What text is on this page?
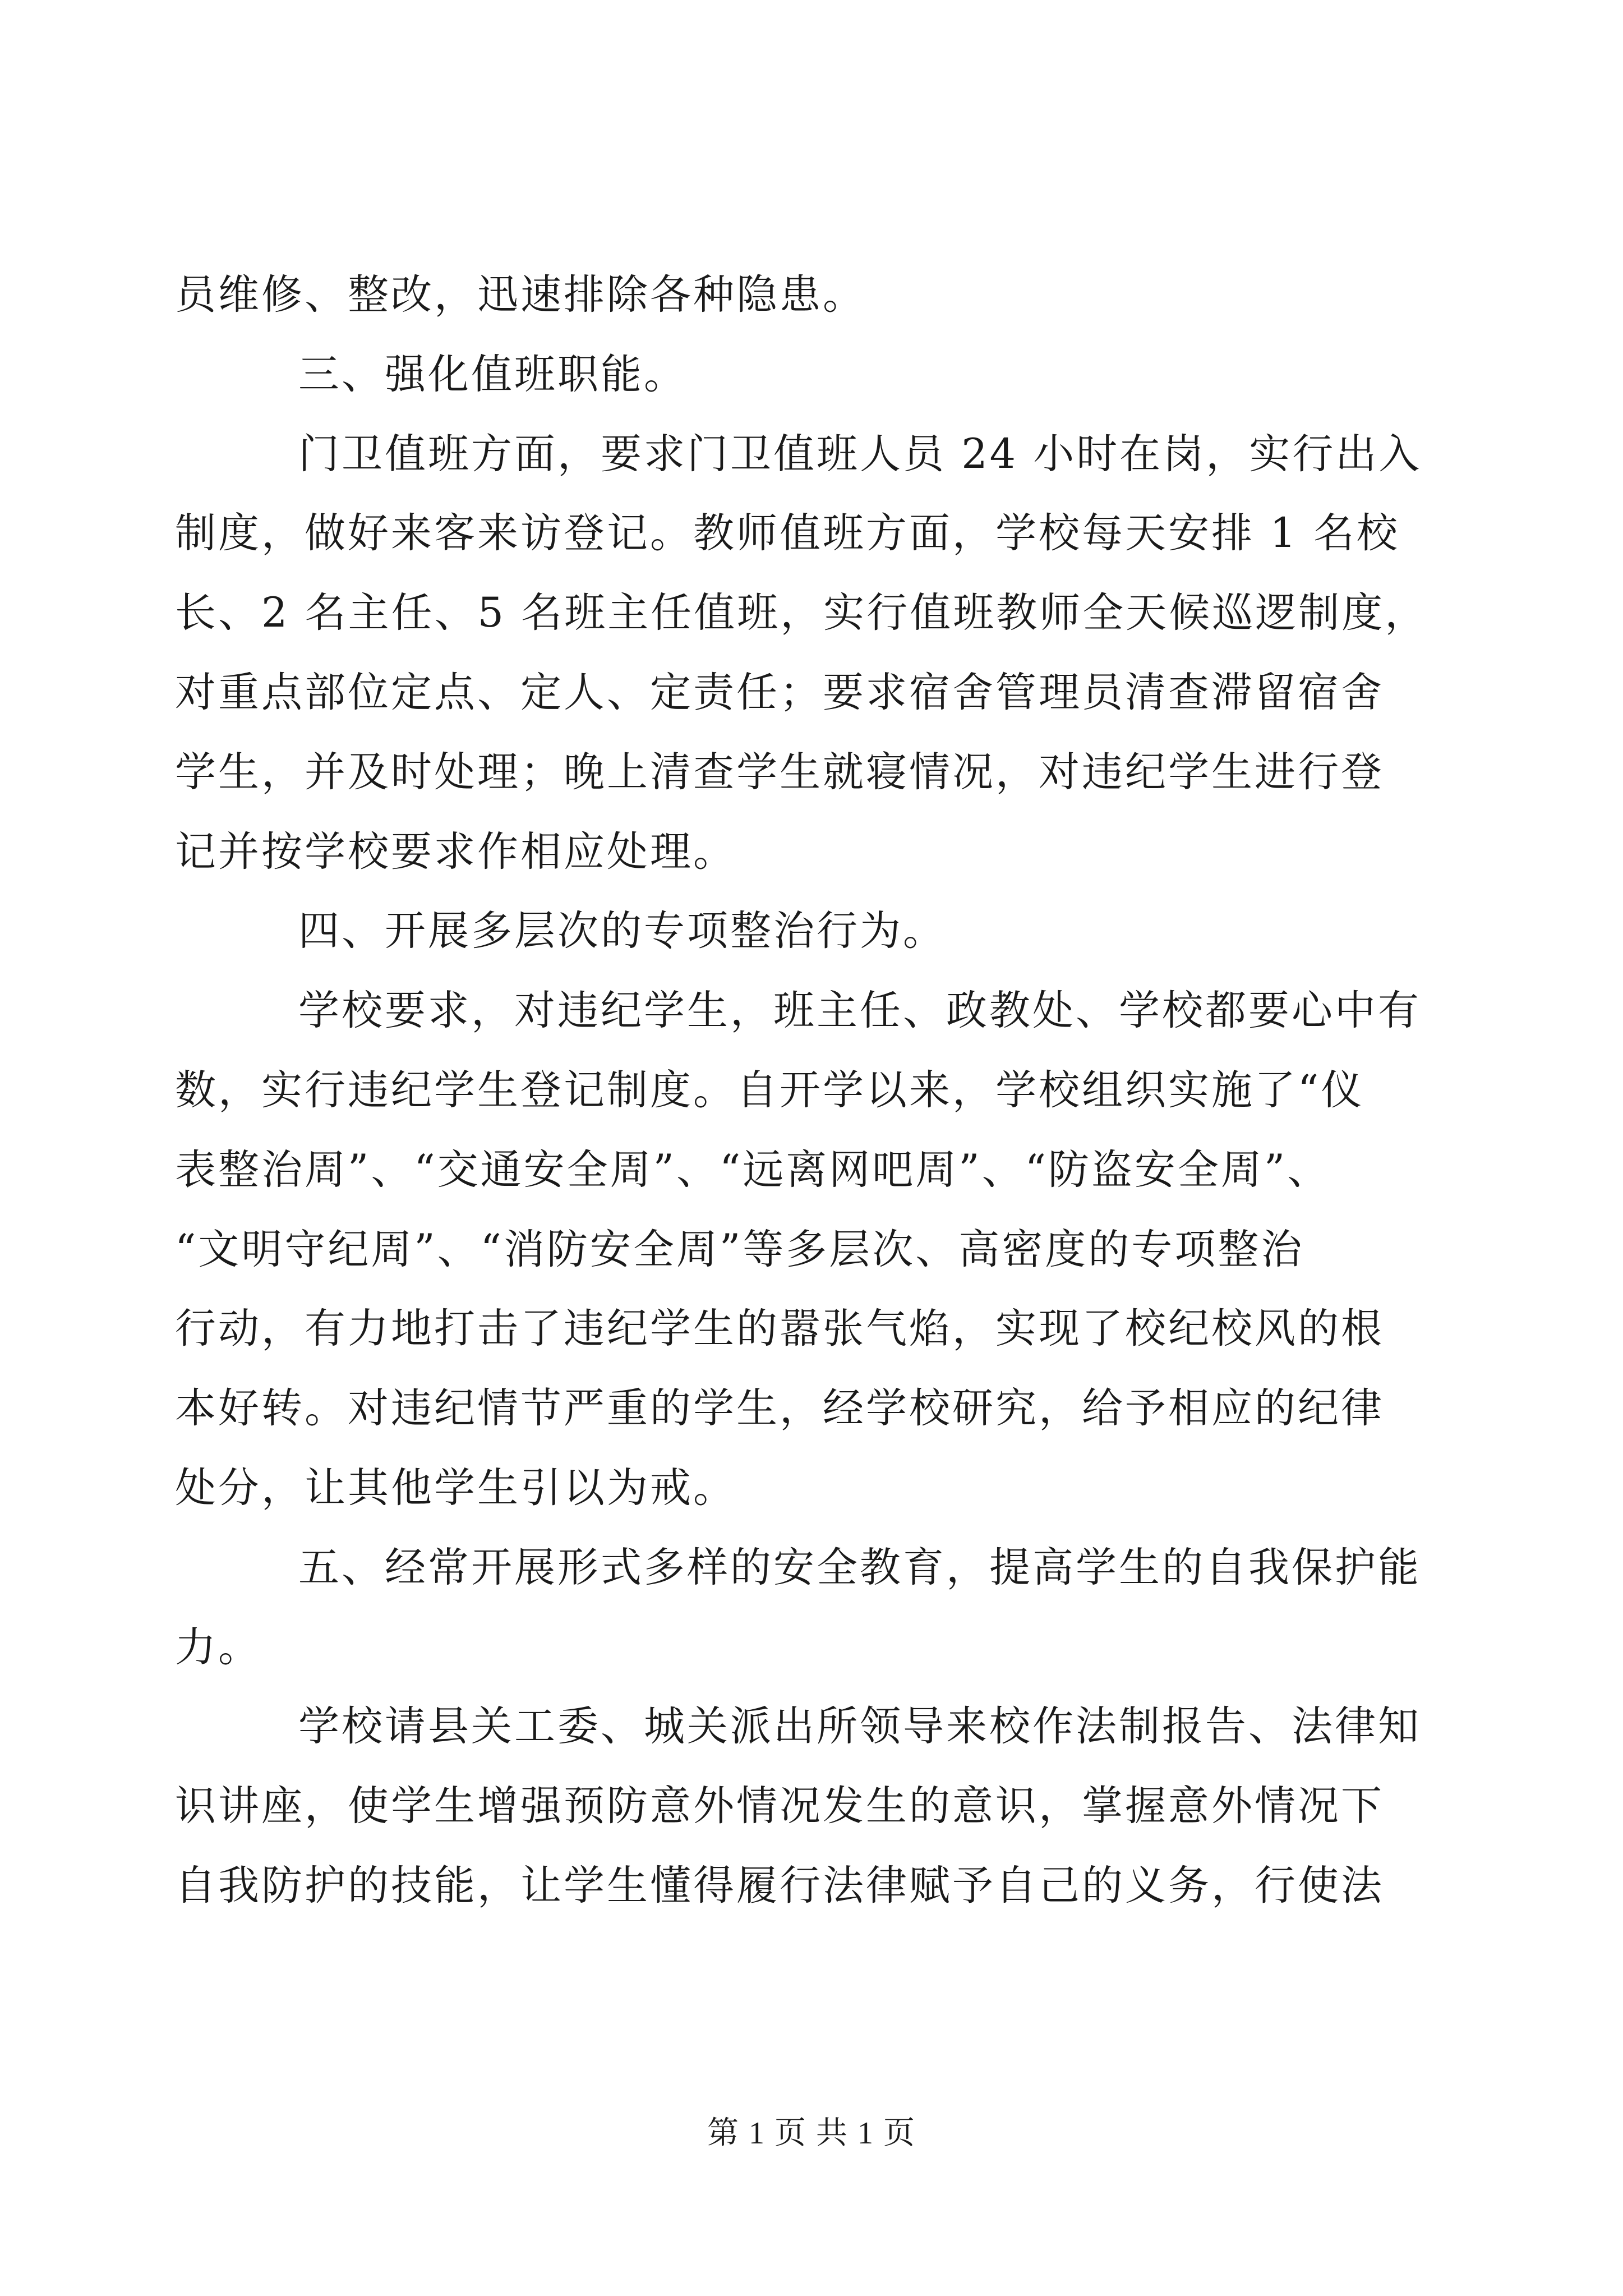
员维修、整改，迅速排除各种隐患。
三、强化值班职能。
门卫值班方面，要求门卫值班人员 24 小时在岗，实行出入
制度，做好来客来访登记。教师值班方面，学校每天安排 1 名校
长、2 名主任、5 名班主任值班，实行值班教师全天候巡逻制度，
对重点部位定点、定人、定责任；要求宿舍管理员清查滞留宿舍
学生，并及时处理；晚上清查学生就寝情况，对违纪学生进行登
记并按学校要求作相应处理。
四、开展多层次的专项整治行为。
学校要求，对违纪学生，班主任、政教处、学校都要心中有
数，实行违纪学生登记制度。自开学以来，学校组织实施了“仪
表整治周”、“交通安全周”、“远离网吧周”、“防盗安全周”、
“文明守纪周”、“消防安全周”等多层次、高密度的专项整治
行动，有力地打击了违纪学生的嚣张气焰，实现了校纪校风的根
本好转。对违纪情节严重的学生，经学校研究，给予相应的纪律
处分，让其他学生引以为戒。
五、经常开展形式多样的安全教育，提高学生的自我保护能
力。
学校请县关工委、城关派出所领导来校作法制报告、法律知
识讲座，使学生增强预防意外情况发生的意识，掌握意外情况下
自我防护的技能，让学生懂得履行法律赋予自己的义务，行使法
第 1 页 共 1 页
